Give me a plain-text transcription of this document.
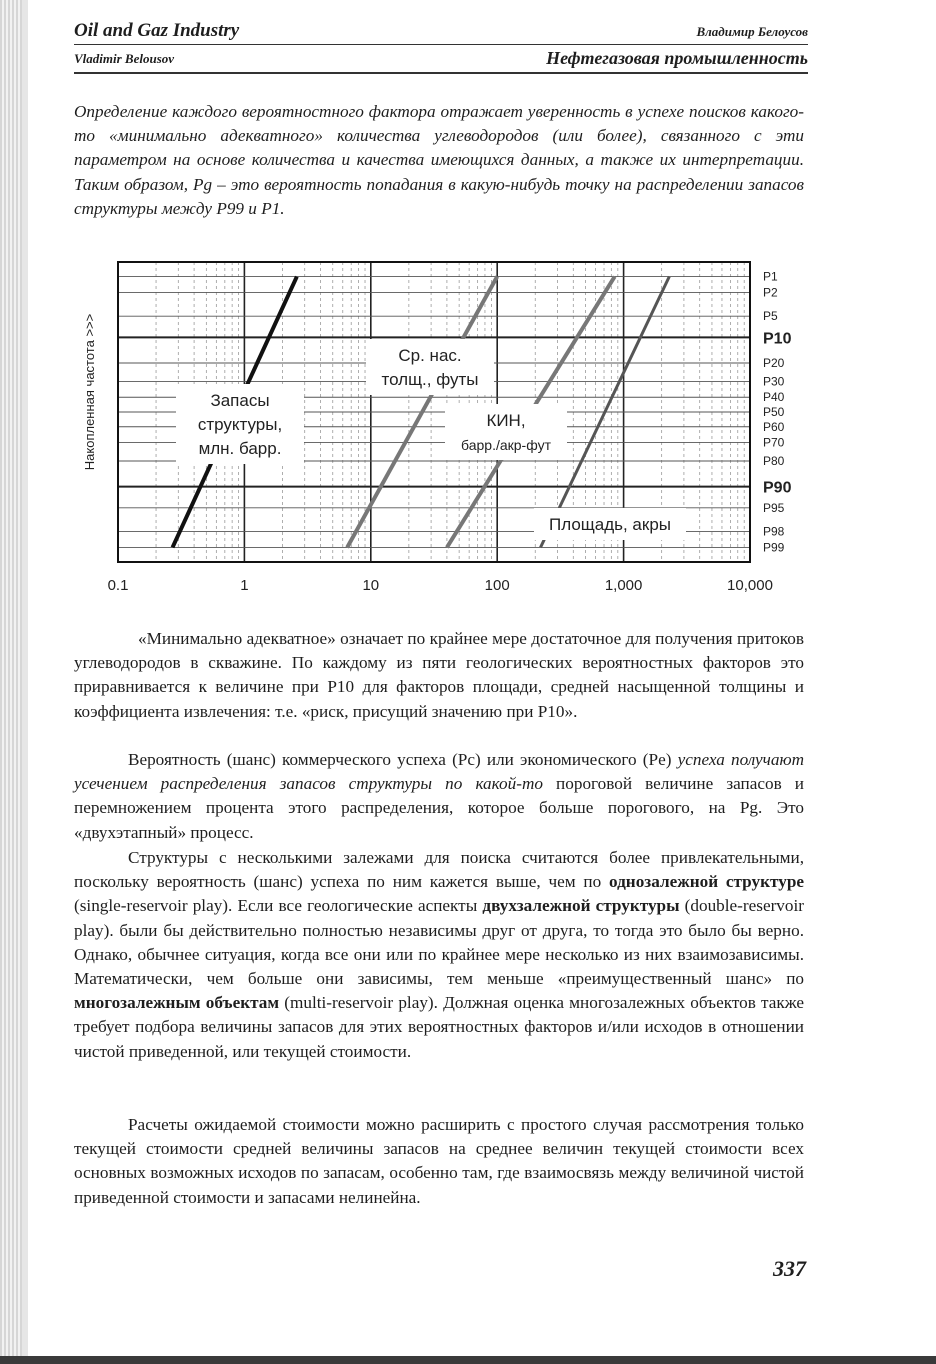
Oil and Gaz Industry	Владимир Белоусов
Vladimir Belousov	Нефтегазовая промышленность

Определение каждого вероятностного фактора отражает уверенность в успехе поисков какого-то «минимально адекватного» количества углеводородов (или более), связанного с эти параметром на основе количества и качества имеющихся данных, а также их интерпретации. Таким образом, Pg – это вероятность попадания в какую-нибудь точку на распределении запасов структуры между P99 и P1.

P1
P2
P5
P10
P20
P30
P40
P50
P60
P70
P80
P90
P95
P98
P99
Запасы
структуры,
млн. барр.
Ср. нас.
толщ., футы
КИН,
барр./акр-фут
Площадь, акры
0.1	1	10	100	1,000	10,000
Накопленная частота >>>

«Минимально адекватное» означает по крайнее мере достаточное для получения притоков углеводородов в скважине. По каждому из пяти геологических вероятностных факторов это приравнивается к величине при P10 для факторов площади, средней насыщенной толщины и коэффициента извлечения: т.е. «риск, присущий значению при P10».

Вероятность (шанс) коммерческого успеха (Pc) или экономического (Pe) успеха получают усечением распределения запасов структуры по какой-то пороговой величине запасов и перемножением процента этого распределения, которое больше порогового, на Pg. Это «двухэтапный» процесс.

Структуры с несколькими залежами для поиска считаются более привлекательными, поскольку вероятность (шанс) успеха по ним кажется выше, чем по однозалежной структуре (single-reservoir play). Если все геологические аспекты двухзалежной структуры (double-reservoir play). были бы действительно полностью независимы друг от друга, то тогда это было бы верно. Однако, обычнее ситуация, когда все они или по крайнее мере несколько из них взаимозависимы. Математически, чем больше они зависимы, тем меньше «преимущественный шанс» по многозалежным объектам (multi-reservoir play). Должная оценка многозалежных объектов также требует подбора величины запасов для этих вероятностных факторов и/или исходов в отношении чистой приведенной, или текущей стоимости.

Расчеты ожидаемой стоимости можно расширить с простого случая рассмотрения только текущей стоимости средней величины запасов на среднее величин текущей стоимости всех основных возможных исходов по запасам, особенно там, где взаимосвязь между величиной чистой приведенной стоимости и запасами нелинейна.

337
